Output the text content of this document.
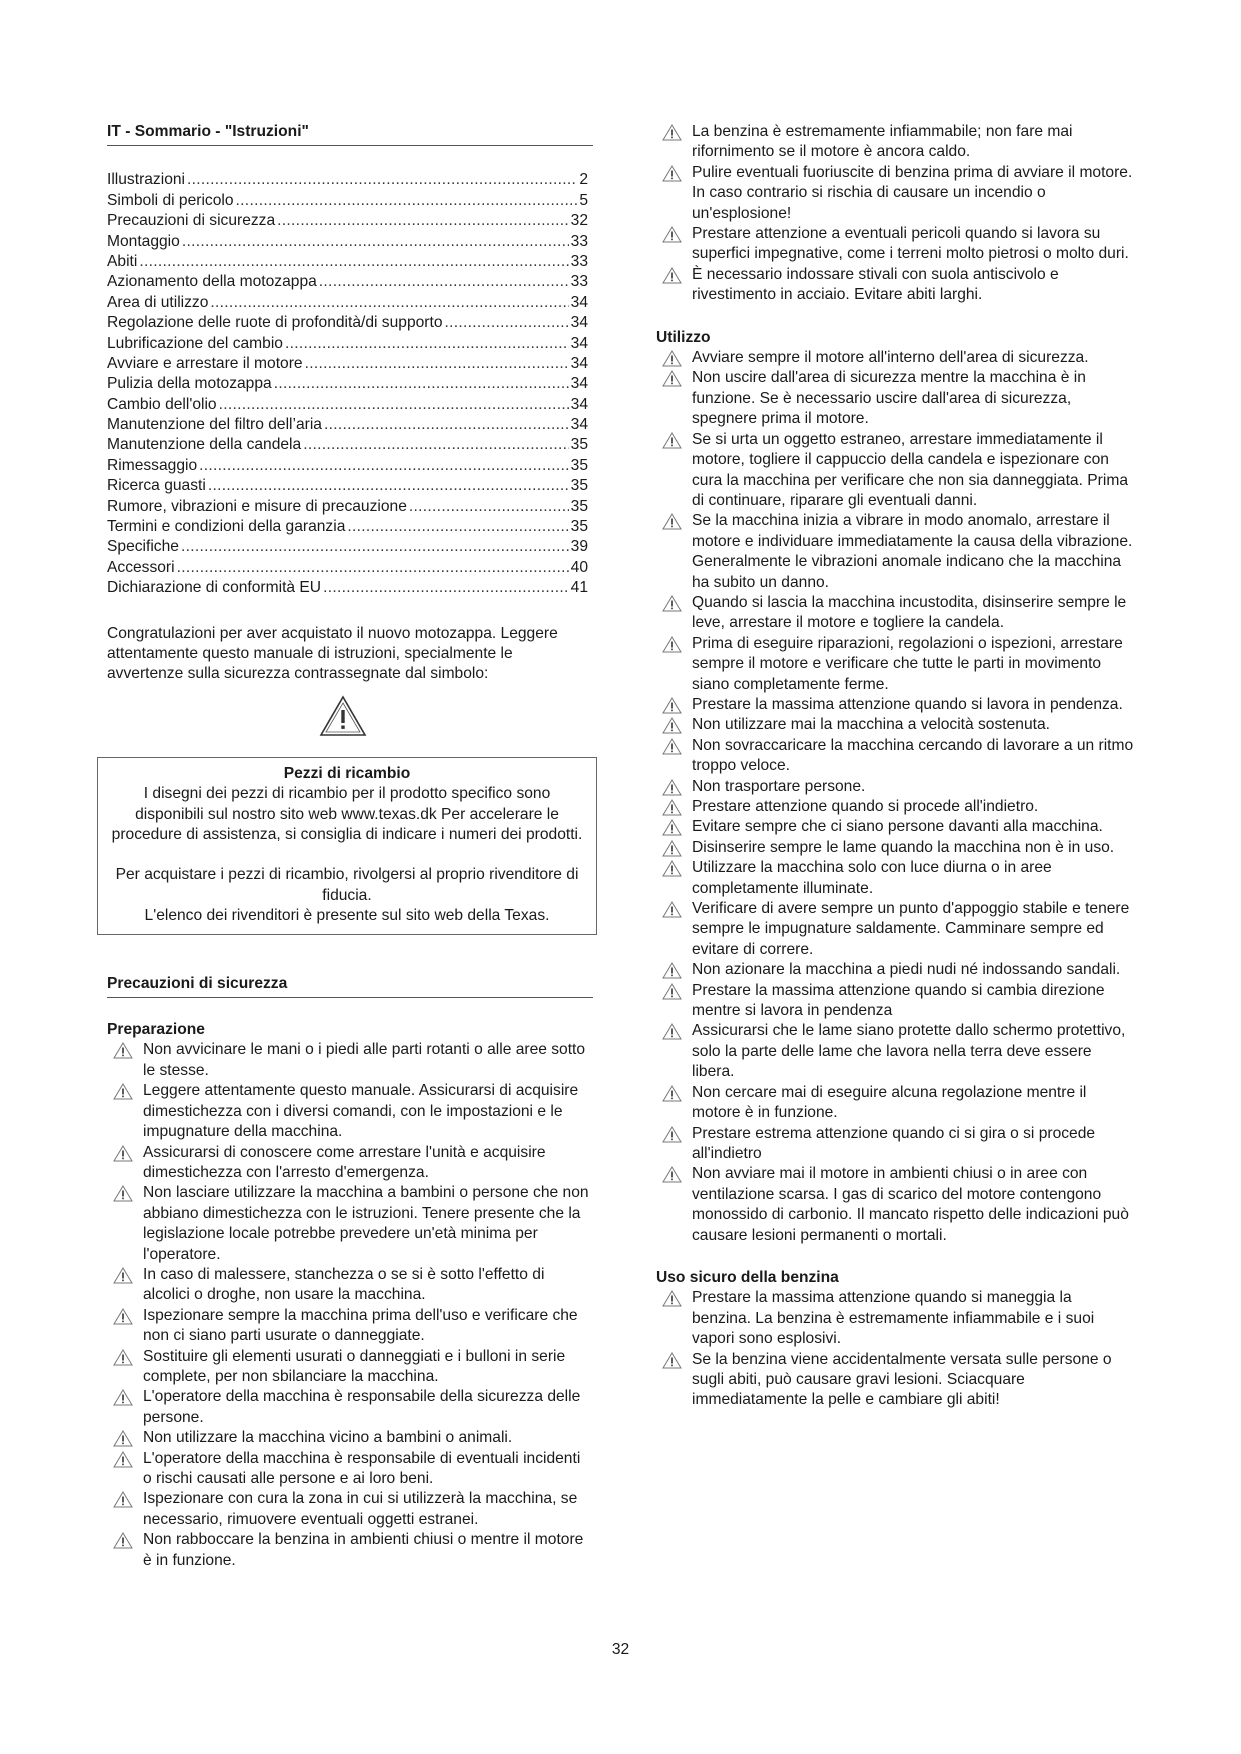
IT - Sommario - "Istruzioni"
Illustrazioni .....	2
Simboli di pericolo .....	5
Precauzioni di sicurezza .....	32
Montaggio .....	33
Abiti .....	33
Azionamento della motozappa .....	33
Area di utilizzo .....	34
Regolazione delle ruote di profondità/di supporto .....	34
Lubrificazione del cambio .....	34
Avviare e arrestare il motore .....	34
Pulizia della motozappa .....	34
Cambio dell'olio .....	34
Manutenzione del filtro dell’aria .....	34
Manutenzione della candela .....	35
Rimessaggio .....	35
Ricerca guasti .....	35
Rumore, vibrazioni e misure di precauzione .....	35
Termini e condizioni della garanzia .....	35
Specifiche .....	39
Accessori .....	40
Dichiarazione di conformità EU .....	41

Congratulazioni per aver acquistato il nuovo motozappa. Leggere attentamente questo manuale di istruzioni, specialmente le avvertenze sulla sicurezza contrassegnate dal simbolo:

Pezzi di ricambio

I disegni dei pezzi di ricambio per il prodotto specifico sono disponibili sul nostro sito web www.texas.dk Per accelerare le procedure di assistenza, si consiglia di indicare i numeri dei prodotti.

Per acquistare i pezzi di ricambio, rivolgersi al proprio rivenditore di fiducia.

L'elenco dei rivenditori è presente sul sito web della Texas.

Precauzioni di sicurezza

Preparazione

Non avvicinare le mani o i piedi alle parti rotanti o alle aree sotto le stesse.
Leggere attentamente questo manuale. Assicurarsi di acquisire dimestichezza con i diversi comandi, con le impostazioni e le impugnature della macchina.
Assicurarsi di conoscere come arrestare l'unità e acquisire dimestichezza con l'arresto d'emergenza.
Non lasciare utilizzare la macchina a bambini o persone che non abbiano dimestichezza con le istruzioni. Tenere presente che la legislazione locale potrebbe prevedere un'età minima per l'operatore.
In caso di malessere, stanchezza o se si è sotto l'effetto di alcolici o droghe, non usare la macchina.
Ispezionare sempre la macchina prima dell'uso e verificare che non ci siano parti usurate o danneggiate.
Sostituire gli elementi usurati o danneggiati e i bulloni in serie complete, per non sbilanciare la macchina.
L'operatore della macchina è responsabile della sicurezza delle persone.
Non utilizzare la macchina vicino a bambini o animali.
L'operatore della macchina è responsabile di eventuali incidenti o rischi causati alle persone e ai loro beni.
Ispezionare con cura la zona in cui si utilizzerà la macchina, se necessario, rimuovere eventuali oggetti estranei.
Non rabboccare la benzina in ambienti chiusi o mentre il motore è in funzione.
La benzina è estremamente infiammabile; non fare mai rifornimento se il motore è ancora caldo.
Pulire eventuali fuoriuscite di benzina prima di avviare il motore. In caso contrario si rischia di causare un incendio o un'esplosione!
Prestare attenzione a eventuali pericoli quando si lavora su superfici impegnative, come i terreni molto pietrosi o molto duri.
È necessario indossare stivali con suola antiscivolo e rivestimento in acciaio. Evitare abiti larghi.

Utilizzo

Avviare sempre il motore all'interno dell'area di sicurezza.
Non uscire dall'area di sicurezza mentre la macchina è in funzione. Se è necessario uscire dall'area di sicurezza, spegnere prima il motore.
Se si urta un oggetto estraneo, arrestare immediatamente il motore, togliere il cappuccio della candela e ispezionare con cura la macchina per verificare che non sia danneggiata. Prima di continuare, riparare gli eventuali danni.
Se la macchina inizia a vibrare in modo anomalo, arrestare il motore e individuare immediatamente la causa della vibrazione. Generalmente le vibrazioni anomale indicano che la macchina ha subito un danno.
Quando si lascia la macchina incustodita, disinserire sempre le leve, arrestare il motore e togliere la candela.
Prima di eseguire riparazioni, regolazioni o ispezioni, arrestare sempre il motore e verificare che tutte le parti in movimento siano completamente ferme.
Prestare la massima attenzione quando si lavora in pendenza.
Non utilizzare mai la macchina a velocità sostenuta.
Non sovraccaricare la macchina cercando di lavorare a un ritmo troppo veloce.
Non trasportare persone.
Prestare attenzione quando si procede all'indietro.
Evitare sempre che ci siano persone davanti alla macchina.
Disinserire sempre le lame quando la macchina non è in uso.
Utilizzare la macchina solo con luce diurna o in aree completamente illuminate.
Verificare di avere sempre un punto d'appoggio stabile e tenere sempre le impugnature saldamente. Camminare sempre ed evitare di correre.
Non azionare la macchina a piedi nudi né indossando sandali.
Prestare la massima attenzione quando si cambia direzione mentre si lavora in pendenza
Assicurarsi che le lame siano protette dallo schermo protettivo, solo la parte delle lame che lavora nella terra deve essere libera.
Non cercare mai di eseguire alcuna regolazione mentre il motore è in funzione.
Prestare estrema attenzione quando ci si gira o si procede all'indietro
Non avviare mai il motore in ambienti chiusi o in aree con ventilazione scarsa. I gas di scarico del motore contengono monossido di carbonio. Il mancato rispetto delle indicazioni può causare lesioni permanenti o mortali.

Uso sicuro della benzina

Prestare la massima attenzione quando si maneggia la benzina. La benzina è estremamente infiammabile e i suoi vapori sono esplosivi.
Se la benzina viene accidentalmente versata sulle persone o sugli abiti, può causare gravi lesioni. Sciacquare immediatamente la pelle e cambiare gli abiti!
32
